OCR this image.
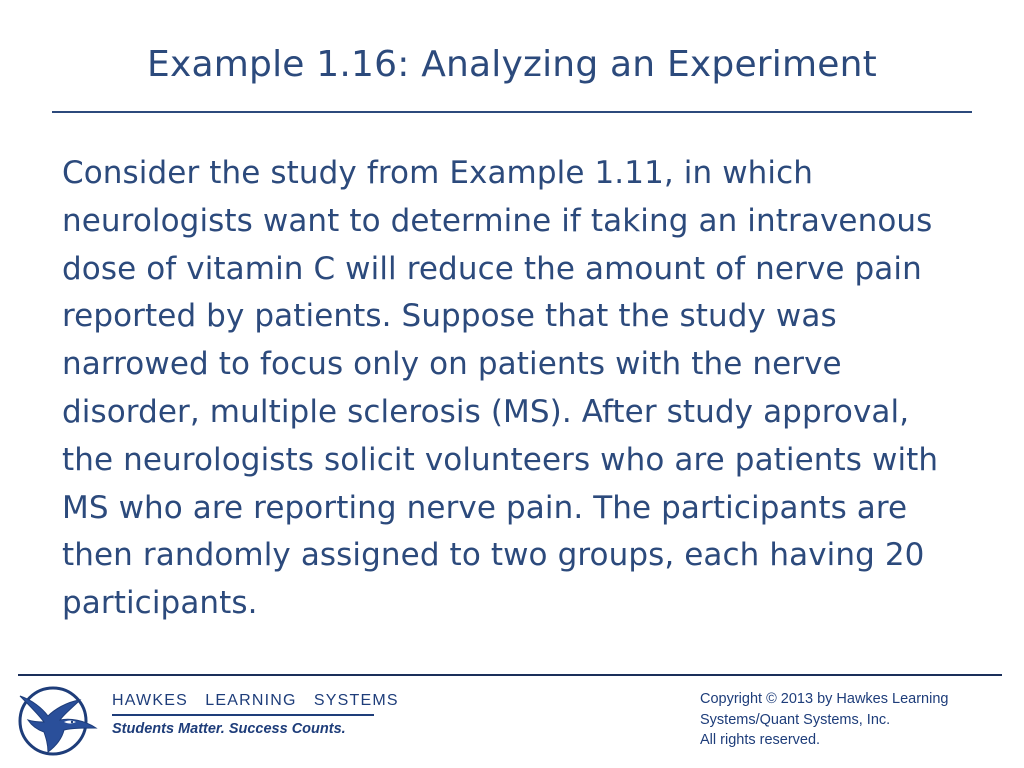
Example 1.16: Analyzing an Experiment
Consider the study from Example 1.11, in which neurologists want to determine if taking an intravenous dose of vitamin C will reduce the amount of nerve pain reported by patients. Suppose that the study was narrowed to focus only on patients with the nerve disorder, multiple sclerosis (MS). After study approval, the neurologists solicit volunteers who are patients with MS who are reporting nerve pain. The participants are then randomly assigned to two groups, each having 20 participants.
HAWKES  LEARNING  SYSTEMS
Students Matter. Success Counts.
Copyright © 2013 by Hawkes Learning
Systems/Quant Systems, Inc.
All rights reserved.
